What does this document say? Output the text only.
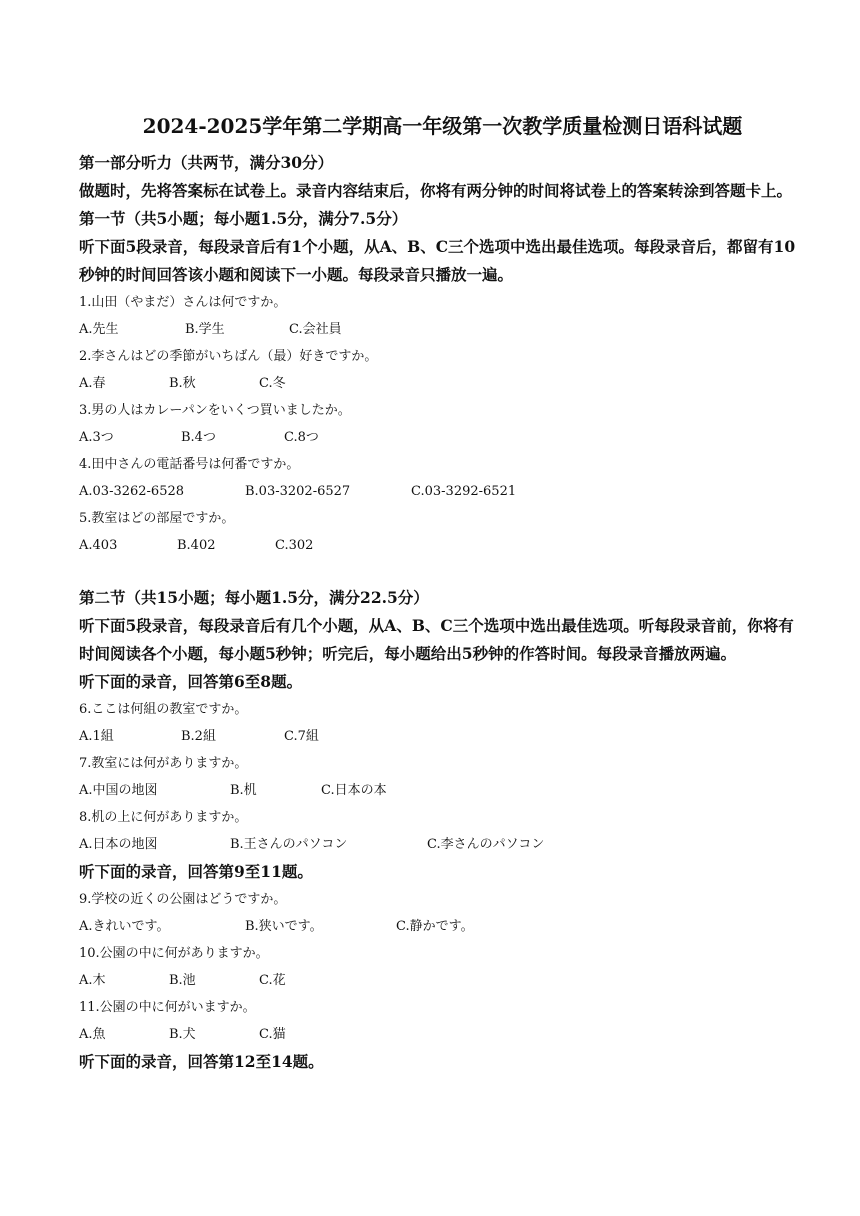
2024-2025学年第二学期高一年级第一次教学质量检测日语科试题

第一部分听力（共两节，满分30分）

做题时，先将答案标在试卷上。录音内容结束后，你将有两分钟的时间将试卷上的答案转涂到答题卡上。

第一节（共5小题；每小题1.5分，满分7.5分）

听下面5段录音，每段录音后有1个小题，从A、B、C三个选项中选出最佳选项。每段录音后，都留有10秒钟的时间回答该小题和阅读下一小题。每段录音只播放一遍。

1.山田（やまだ）さんは何ですか。

A.先生	B.学生	C.会社員

2.李さんはどの季節がいちばん（最）好きですか。

A.春	B.秋	C.冬

3.男の人はカレーパンをいくつ買いましたか。

A.3つ	B.4つ	C.8つ

4.田中さんの電話番号は何番ですか。

A.03-3262-6528	B.03-3202-6527	C.03-3292-6521

5.教室はどの部屋ですか。

A.403	B.402	C.302

第二节（共15小题；每小题1.5分，满分22.5分）

听下面5段录音，每段录音后有几个小题，从A、B、C三个选项中选出最佳选项。听每段录音前，你将有时间阅读各个小题，每小题5秒钟；听完后，每小题给出5秒钟的作答时间。每段录音播放两遍。

听下面的录音，回答第6至8题。

6.ここは何組の教室ですか。

A.1組	B.2組	C.7組

7.教室には何がありますか。

A.中国の地図	B.机	C.日本の本

8.机の上に何がありますか。

A.日本の地図	B.王さんのパソコン	C.李さんのパソコン

听下面的录音，回答第9至11题。

9.学校の近くの公園はどうですか。

A.きれいです。	B.狭いです。	C.静かです。

10.公園の中に何がありますか。

A.木	B.池	C.花

11.公園の中に何がいますか。

A.魚	B.犬	C.猫

听下面的录音，回答第12至14题。
